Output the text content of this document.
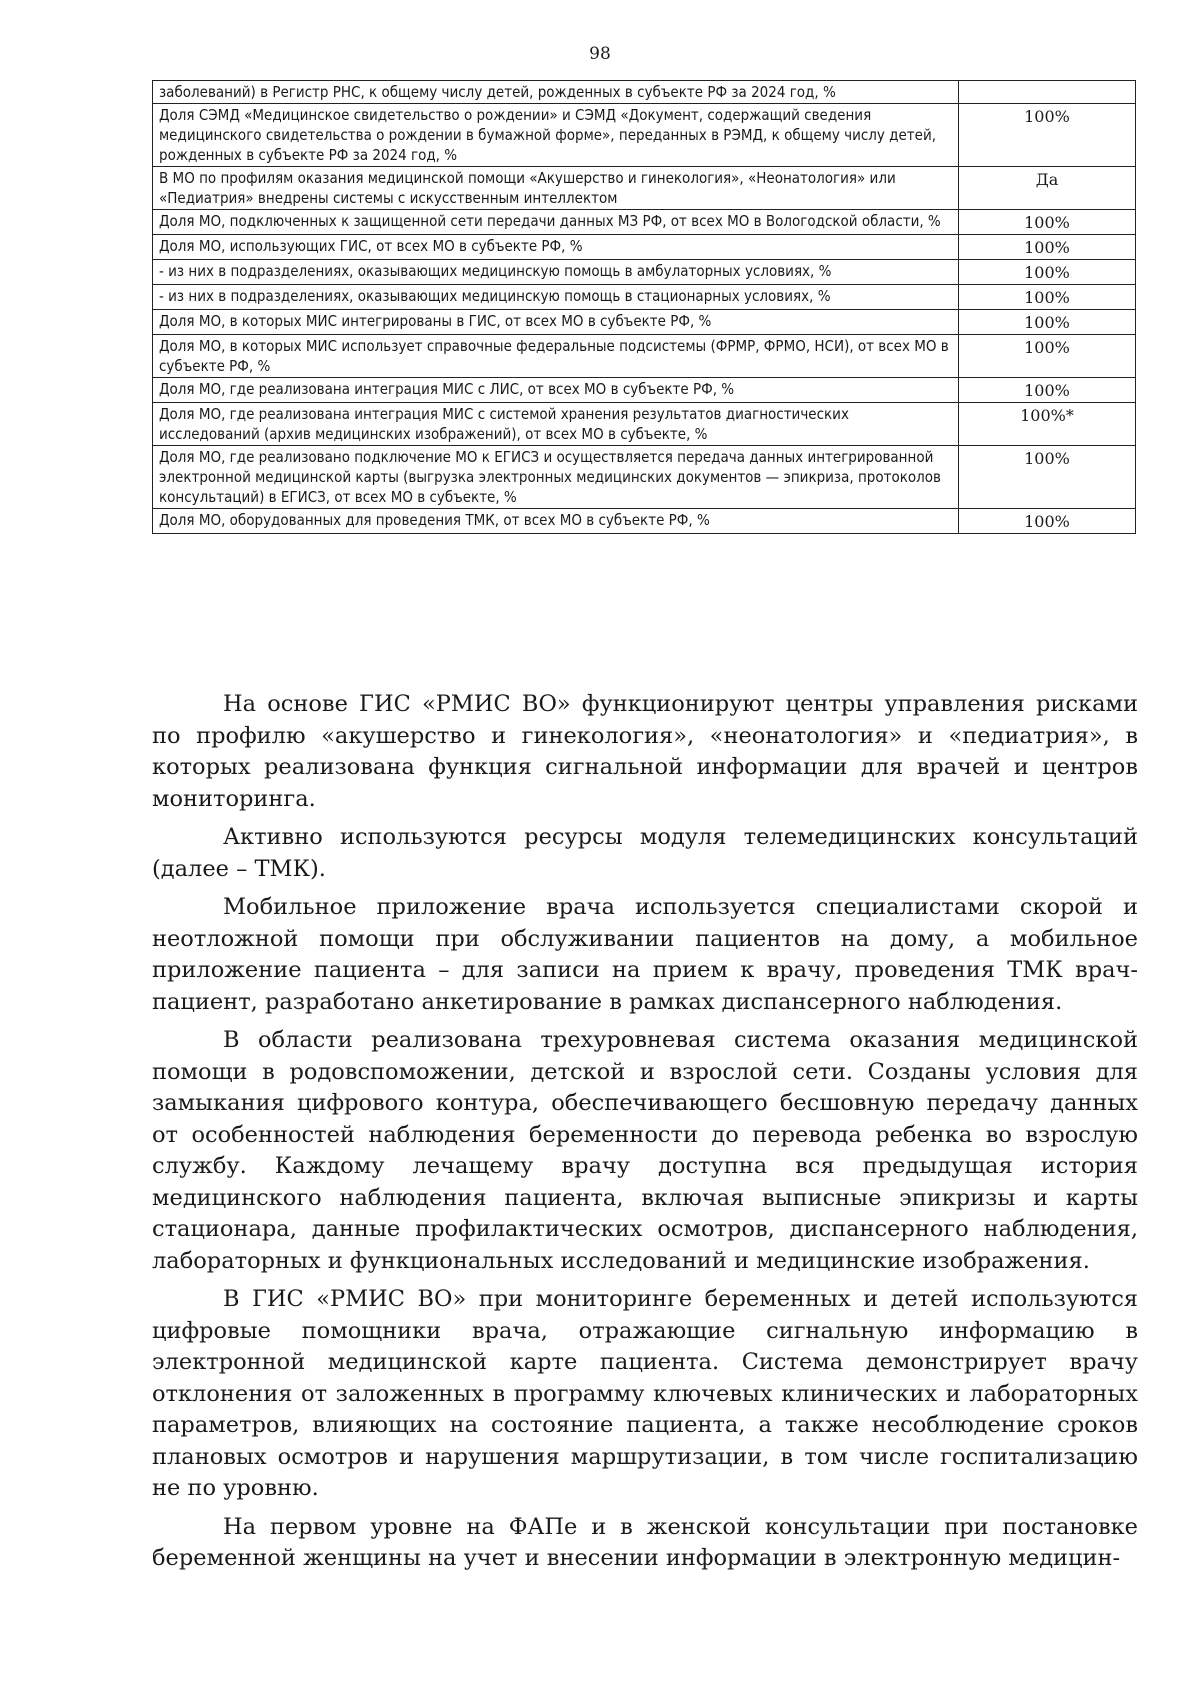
98
заболеваний) в Регистр РНС, к общему числу детей, рожденных в субъекте РФ за 2024 год, %	
Доля СЭМД «Медицинское свидетельство о рождении» и СЭМД «Документ, содержащий сведения медицинского свидетельства о рождении в бумажной форме», переданных в РЭМД, к общему числу детей, рожденных в субъекте РФ за 2024 год, %	100%
В МО по профилям оказания медицинской помощи «Акушерство и гинекология», «Неонатология» или «Педиатрия» внедрены системы с искусственным интеллектом	Да
Доля МО, подключенных к защищенной сети передачи данных МЗ РФ, от всех МО в Вологодской области, %	100%
Доля МО, использующих ГИС, от всех МО в субъекте РФ, %	100%
- из них в подразделениях, оказывающих медицинскую помощь в амбулаторных условиях, %	100%
- из них в подразделениях, оказывающих медицинскую помощь в стационарных условиях, %	100%
Доля МО, в которых МИС интегрированы в ГИС, от всех МО в субъекте РФ, %	100%
Доля МО, в которых МИС использует справочные федеральные подсистемы (ФРМР, ФРМО, НСИ), от всех МО в субъекте РФ, %	100%
Доля МО, где реализована интеграция МИС с ЛИС, от всех МО в субъекте РФ, %	100%
Доля МО, где реализована интеграция МИС с системой хранения результатов диагностических исследований (архив медицинских изображений), от всех МО в субъекте, %	100%*
Доля МО, где реализовано подключение МО к ЕГИСЗ и осуществляется передача данных интегрированной электронной медицинской карты (выгрузка электронных медицинских документов — эпикриза, протоколов консультаций) в ЕГИСЗ, от всех МО в субъекте, %	100%
Доля МО, оборудованных для проведения ТМК, от всех МО в субъекте РФ, %	100%

На основе ГИС «РМИС ВО» функционируют центры управления рисками по профилю «акушерство и гинекология», «неонатология» и «педиатрия», в которых реализована функция сигнальной информации для врачей и центров мониторинга.

Активно используются ресурсы модуля телемедицинских консультаций (далее – ТМК).

Мобильное приложение врача используется специалистами скорой и неотложной помощи при обслуживании пациентов на дому, а мобильное приложение пациента – для записи на прием к врачу, проведения ТМК врач-пациент, разработано анкетирование в рамках диспансерного наблюдения.

В области реализована трехуровневая система оказания медицинской помощи в родовспоможении, детской и взрослой сети. Созданы условия для замыкания цифрового контура, обеспечивающего бесшовную передачу данных от особенностей наблюдения беременности до перевода ребенка во взрослую службу. Каждому лечащему врачу доступна вся предыдущая история медицинского наблюдения пациента, включая выписные эпикризы и карты стационара, данные профилактических осмотров, диспансерного наблюдения, лабораторных и функциональных исследований и медицинские изображения.

В ГИС «РМИС ВО» при мониторинге беременных и детей используются цифровые помощники врача, отражающие сигнальную информацию в электронной медицинской карте пациента. Система демонстрирует врачу отклонения от заложенных в программу ключевых клинических и лабораторных параметров, влияющих на состояние пациента, а также несоблюдение сроков плановых осмотров и нарушения маршрутизации, в том числе госпитализацию не по уровню.

На первом уровне на ФАПе и в женской консультации при постановке беременной женщины на учет и внесении информации в электронную медицин-
